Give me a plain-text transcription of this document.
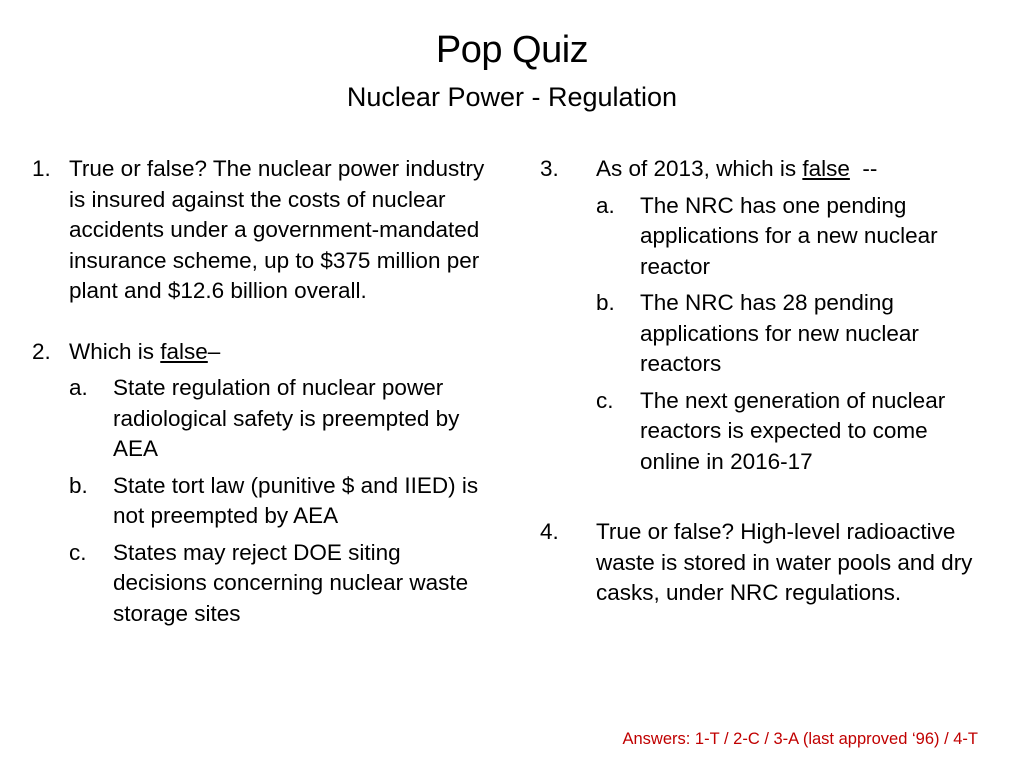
Pop Quiz
Nuclear Power - Regulation
1. True or false? The nuclear power industry is insured against the costs of nuclear accidents under a government-mandated insurance scheme, up to $375 million per plant and $12.6 billion overall.
2. Which is false–
a. State regulation of nuclear power radiological safety is preempted by AEA
b. State tort law (punitive $ and IIED) is not preempted by AEA
c. States may reject DOE siting decisions concerning nuclear waste storage sites
3. As of 2013, which is false  --
a. The NRC has one pending applications for a new nuclear reactor
b. The NRC has 28 pending applications for new nuclear reactors
c. The next generation of nuclear reactors is expected to come online in 2016-17
4. True or false? High-level radioactive waste is stored in water pools and dry casks, under NRC regulations.
Answers: 1-T / 2-C / 3-A (last approved ‘96) / 4-T
